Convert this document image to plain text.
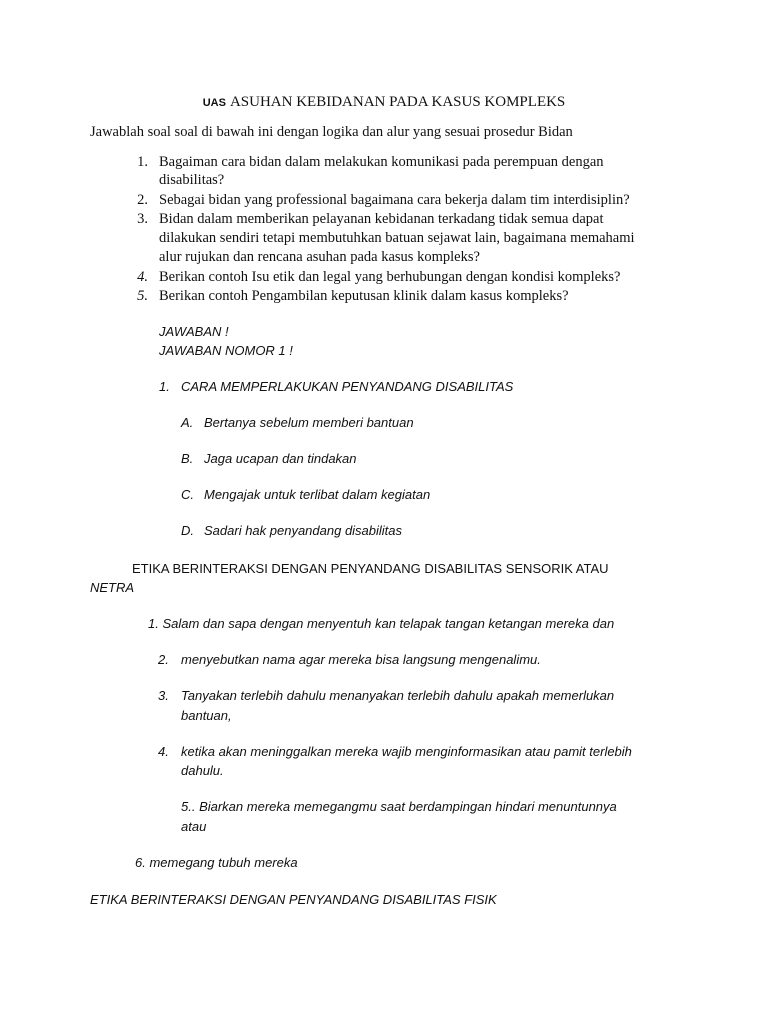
UAS ASUHAN KEBIDANAN PADA KASUS KOMPLEKS
Jawablah soal soal di bawah ini dengan logika dan alur yang sesuai prosedur Bidan
1. Bagaiman cara bidan dalam melakukan komunikasi pada perempuan dengan
disabilitas?
2. Sebagai bidan yang professional bagaimana cara bekerja dalam tim interdisiplin?
3. Bidan dalam memberikan pelayanan kebidanan terkadang tidak semua dapat
dilakukan sendiri tetapi membutuhkan batuan sejawat lain, bagaimana memahami
alur rujukan dan rencana asuhan pada kasus kompleks?
4. Berikan contoh Isu etik dan legal yang berhubungan dengan kondisi kompleks?
5. Berikan contoh Pengambilan keputusan klinik dalam kasus kompleks?
JAWABAN !
JAWABAN NOMOR 1 !
1. CARA MEMPERLAKUKAN PENYANDANG DISABILITAS
A. Bertanya sebelum memberi bantuan
B. Jaga ucapan dan tindakan
C. Mengajak untuk terlibat dalam kegiatan
D. Sadari hak penyandang disabilitas
ETIKA BERINTERAKSI DENGAN PENYANDANG DISABILITAS SENSORIK ATAU
NETRA
1. Salam dan sapa dengan menyentuh kan telapak tangan ketangan mereka dan
2. menyebutkan nama agar mereka bisa langsung mengenalimu.
3. Tanyakan terlebih dahulu menanyakan terlebih dahulu apakah memerlukan
bantuan,
4. ketika akan meninggalkan mereka wajib menginformasikan atau pamit terlebih
dahulu.
5.. Biarkan mereka memegangmu saat berdampingan hindari menuntunnya
atau
6. memegang tubuh mereka
ETIKA BERINTERAKSI DENGAN PENYANDANG DISABILITAS FISIK
